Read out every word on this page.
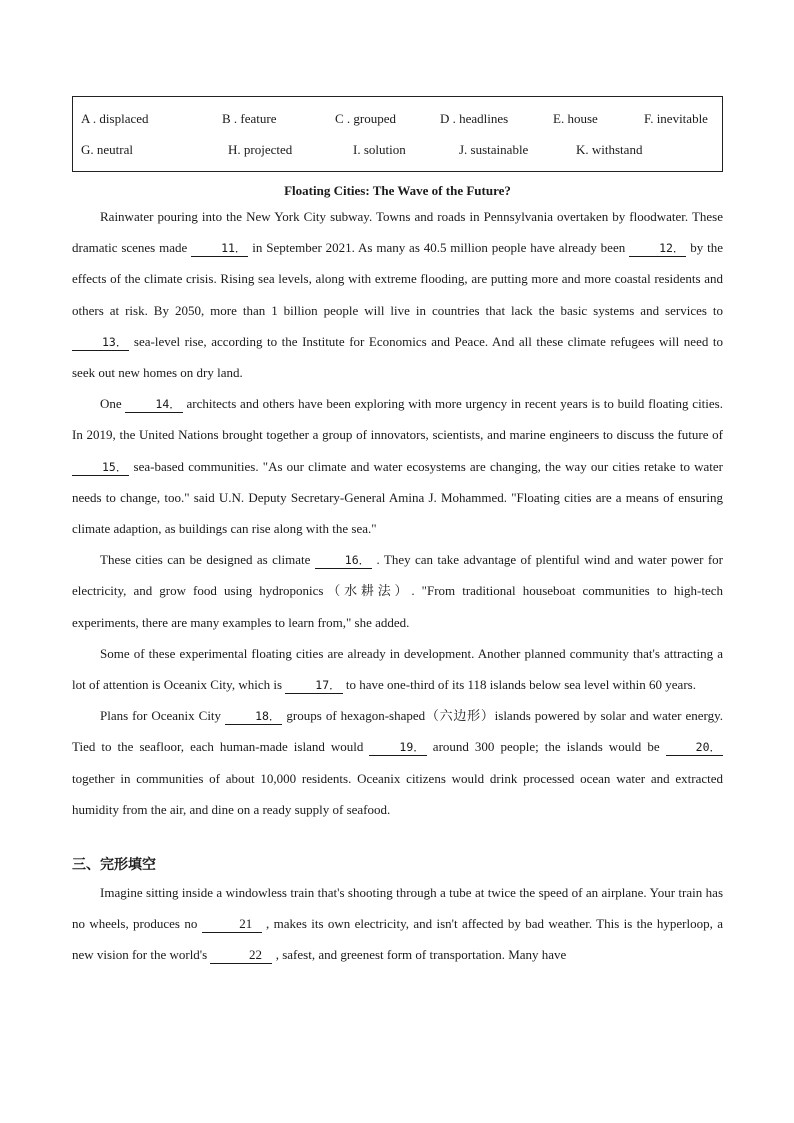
A . displaced	B . feature	C . grouped	D . headlines	E. house	F. inevitable
G. neutral	H. projected	I. solution	J. sustainable	K. withstand
Floating Cities: The Wave of the Future?

Rainwater pouring into the New York City subway. Towns and roads in Pennsylvania overtaken by floodwater. These dramatic scenes made	11． in September 2021. As many as 40.5 million people have already been	12． by the effects of the climate crisis. Rising sea levels, along with extreme flooding, are putting more and more coastal residents and others at risk. By 2050, more than 1 billion people will live in countries that lack the basic systems and services to 13． sea-level rise, according to the Institute for Economics and Peace. And all these climate refugees will need to seek out new homes on dry land.

One	14． architects and others have been exploring with more urgency in recent years is to build floating cities. In 2019, the United Nations brought together a group of innovators, scientists, and marine engineers to discuss the future of 15． sea-based communities. "As our climate and water ecosystems are changing, the way our cities retake to water needs to change, too." said U.N. Deputy Secretary-General Amina J. Mohammed. "Floating cities are a means of ensuring climate adaption, as buildings can rise along with the sea."

These cities can be designed as climate	16． . They can take advantage of plentiful wind and water power for electricity, and grow food using hydroponics（水耕法）. "From traditional houseboat communities to high-tech experiments, there are many examples to learn from," she added.

Some of these experimental floating cities are already in development. Another planned community that's attracting a lot of attention is Oceanix City, which is	17． to have one-third of its 118 islands below sea level within 60 years.

Plans for Oceanix City	18． groups of hexagon-shaped（六边形）islands powered by solar and water energy. Tied to the seafloor, each human-made island would	19． around 300 people; the islands would be	20． together in communities of about 10,000 residents. Oceanix citizens would drink processed ocean water and extracted humidity from the air, and dine on a ready supply of seafood.

三、完形填空

Imagine sitting inside a windowless train that's shooting through a tube at twice the speed of an airplane. Your train has no wheels, produces no	21 , makes its own electricity, and isn't affected by bad weather. This is the hyperloop, a new vision for the world's	22 , safest, and greenest form of transportation. Many have
